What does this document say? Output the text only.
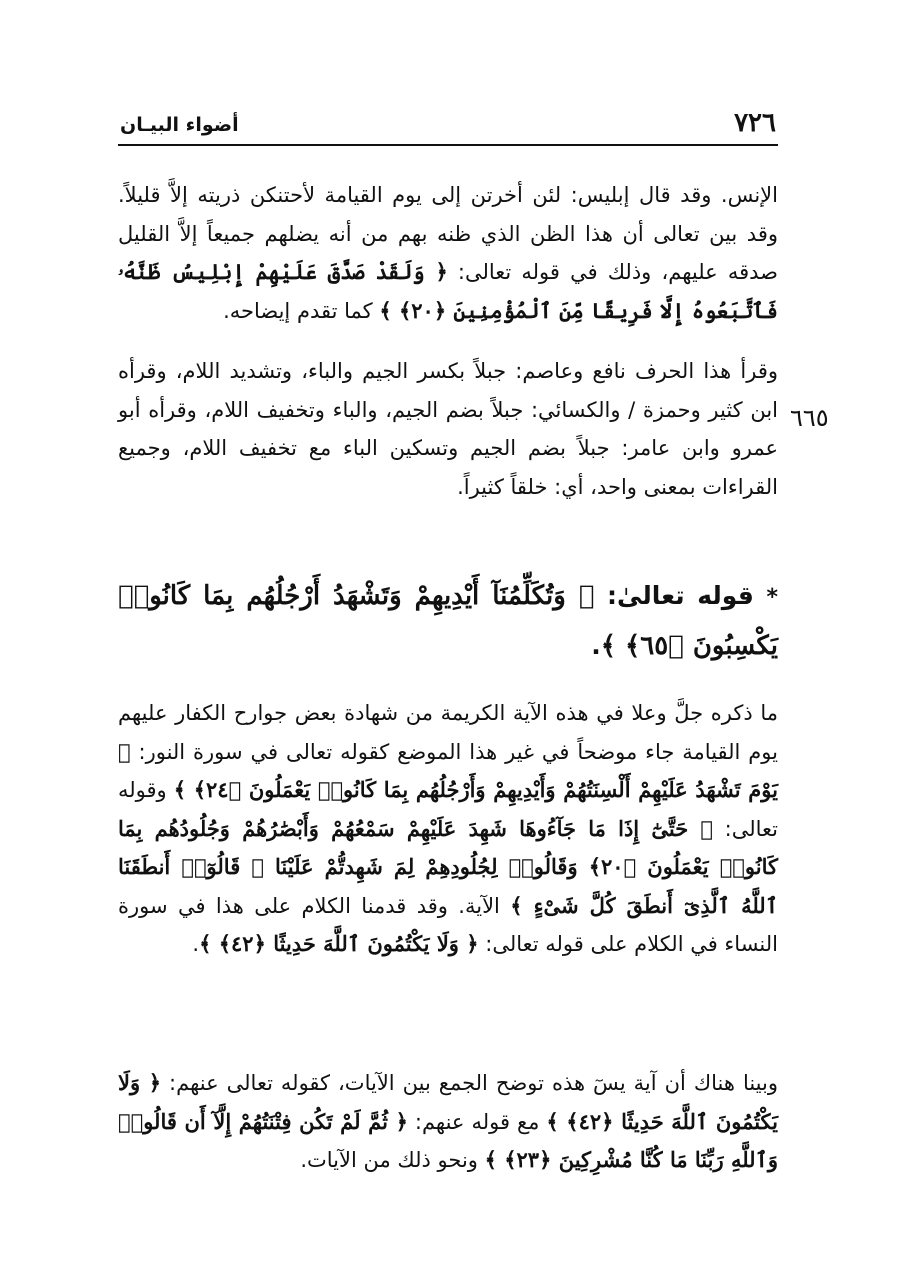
٧٢٦
أضواء البيـان

الإنس. وقد قال إبليس: لئن أخرتن إلى يوم القيامة لأحتنكن ذريته إلاَّ قليلاً. وقد بين تعالى أن هذا الظن الذي ظنه بهم من أنه يضلهم جميعاً إلاَّ القليل صدقه عليهم، وذلك في قوله تعالى: ﴿ وَلَقَدْ صَدَّقَ عَلَيْهِمْ إِبْلِيسُ ظَنَّهُۥ فَٱتَّبَعُوهُ إِلَّا فَرِيقًا مِّنَ ٱلْمُؤْمِنِينَ ﴿٢٠﴾ ﴾ كما تقدم إيضاحه.

وقرأ هذا الحرف نافع وعاصم: جبلاً بكسر الجيم والباء، وتشديد اللام، وقرأه ابن كثير وحمزة / والكسائي: جبلاً بضم الجيم، والباء وتخفيف اللام، وقرأه أبو عمرو وابن عامر: جبلاً بضم الجيم وتسكين الباء مع تخفيف اللام، وجميع القراءات بمعنى واحد، أي: خلقاً كثيراً.

٦٦٥

* قوله تعالىٰ: ﴿ وَتُكَلِّمُنَآ أَيْدِيهِمْ وَتَشْهَدُ أَرْجُلُهُم بِمَا كَانُوا۟ يَكْسِبُونَ ﴿٦٥﴾ ﴾.

ما ذكره جلَّ وعلا في هذه الآية الكريمة من شهادة بعض جوارح الكفار عليهم يوم القيامة جاء موضحاً في غير هذا الموضع كقوله تعالى في سورة النور: ﴿ يَوْمَ تَشْهَدُ عَلَيْهِمْ أَلْسِنَتُهُمْ وَأَيْدِيهِمْ وَأَرْجُلُهُم بِمَا كَانُوا۟ يَعْمَلُونَ ﴿٢٤﴾ ﴾ وقوله تعالى: ﴿ حَتَّىٰٓ إِذَا مَا جَآءُوهَا شَهِدَ عَلَيْهِمْ سَمْعُهُمْ وَأَبْصَٰرُهُمْ وَجُلُودُهُم بِمَا كَانُوا۟ يَعْمَلُونَ ﴿٢٠﴾ وَقَالُوا۟ لِجُلُودِهِمْ لِمَ شَهِدتُّمْ عَلَيْنَا ۖ قَالُوٓا۟ أَنطَقَنَا ٱللَّهُ ٱلَّذِىٓ أَنطَقَ كُلَّ شَىْءٍ ﴾ الآية. وقد قدمنا الكلام على هذا في سورة النساء في الكلام على قوله تعالى: ﴿ وَلَا يَكْتُمُونَ ٱللَّهَ حَدِيثًا ﴿٤٢﴾ ﴾.

وبينا هناك أن آية يسٓ هذه توضح الجمع بين الآيات، كقوله تعالى عنهم: ﴿ وَلَا يَكْتُمُونَ ٱللَّهَ حَدِيثًا ﴿٤٢﴾ ﴾ مع قوله عنهم: ﴿ ثُمَّ لَمْ تَكُن فِتْنَتُهُمْ إِلَّآ أَن قَالُوا۟ وَٱللَّهِ رَبِّنَا مَا كُنَّا مُشْرِكِينَ ﴿٢٣﴾ ﴾ ونحو ذلك من الآيات.
